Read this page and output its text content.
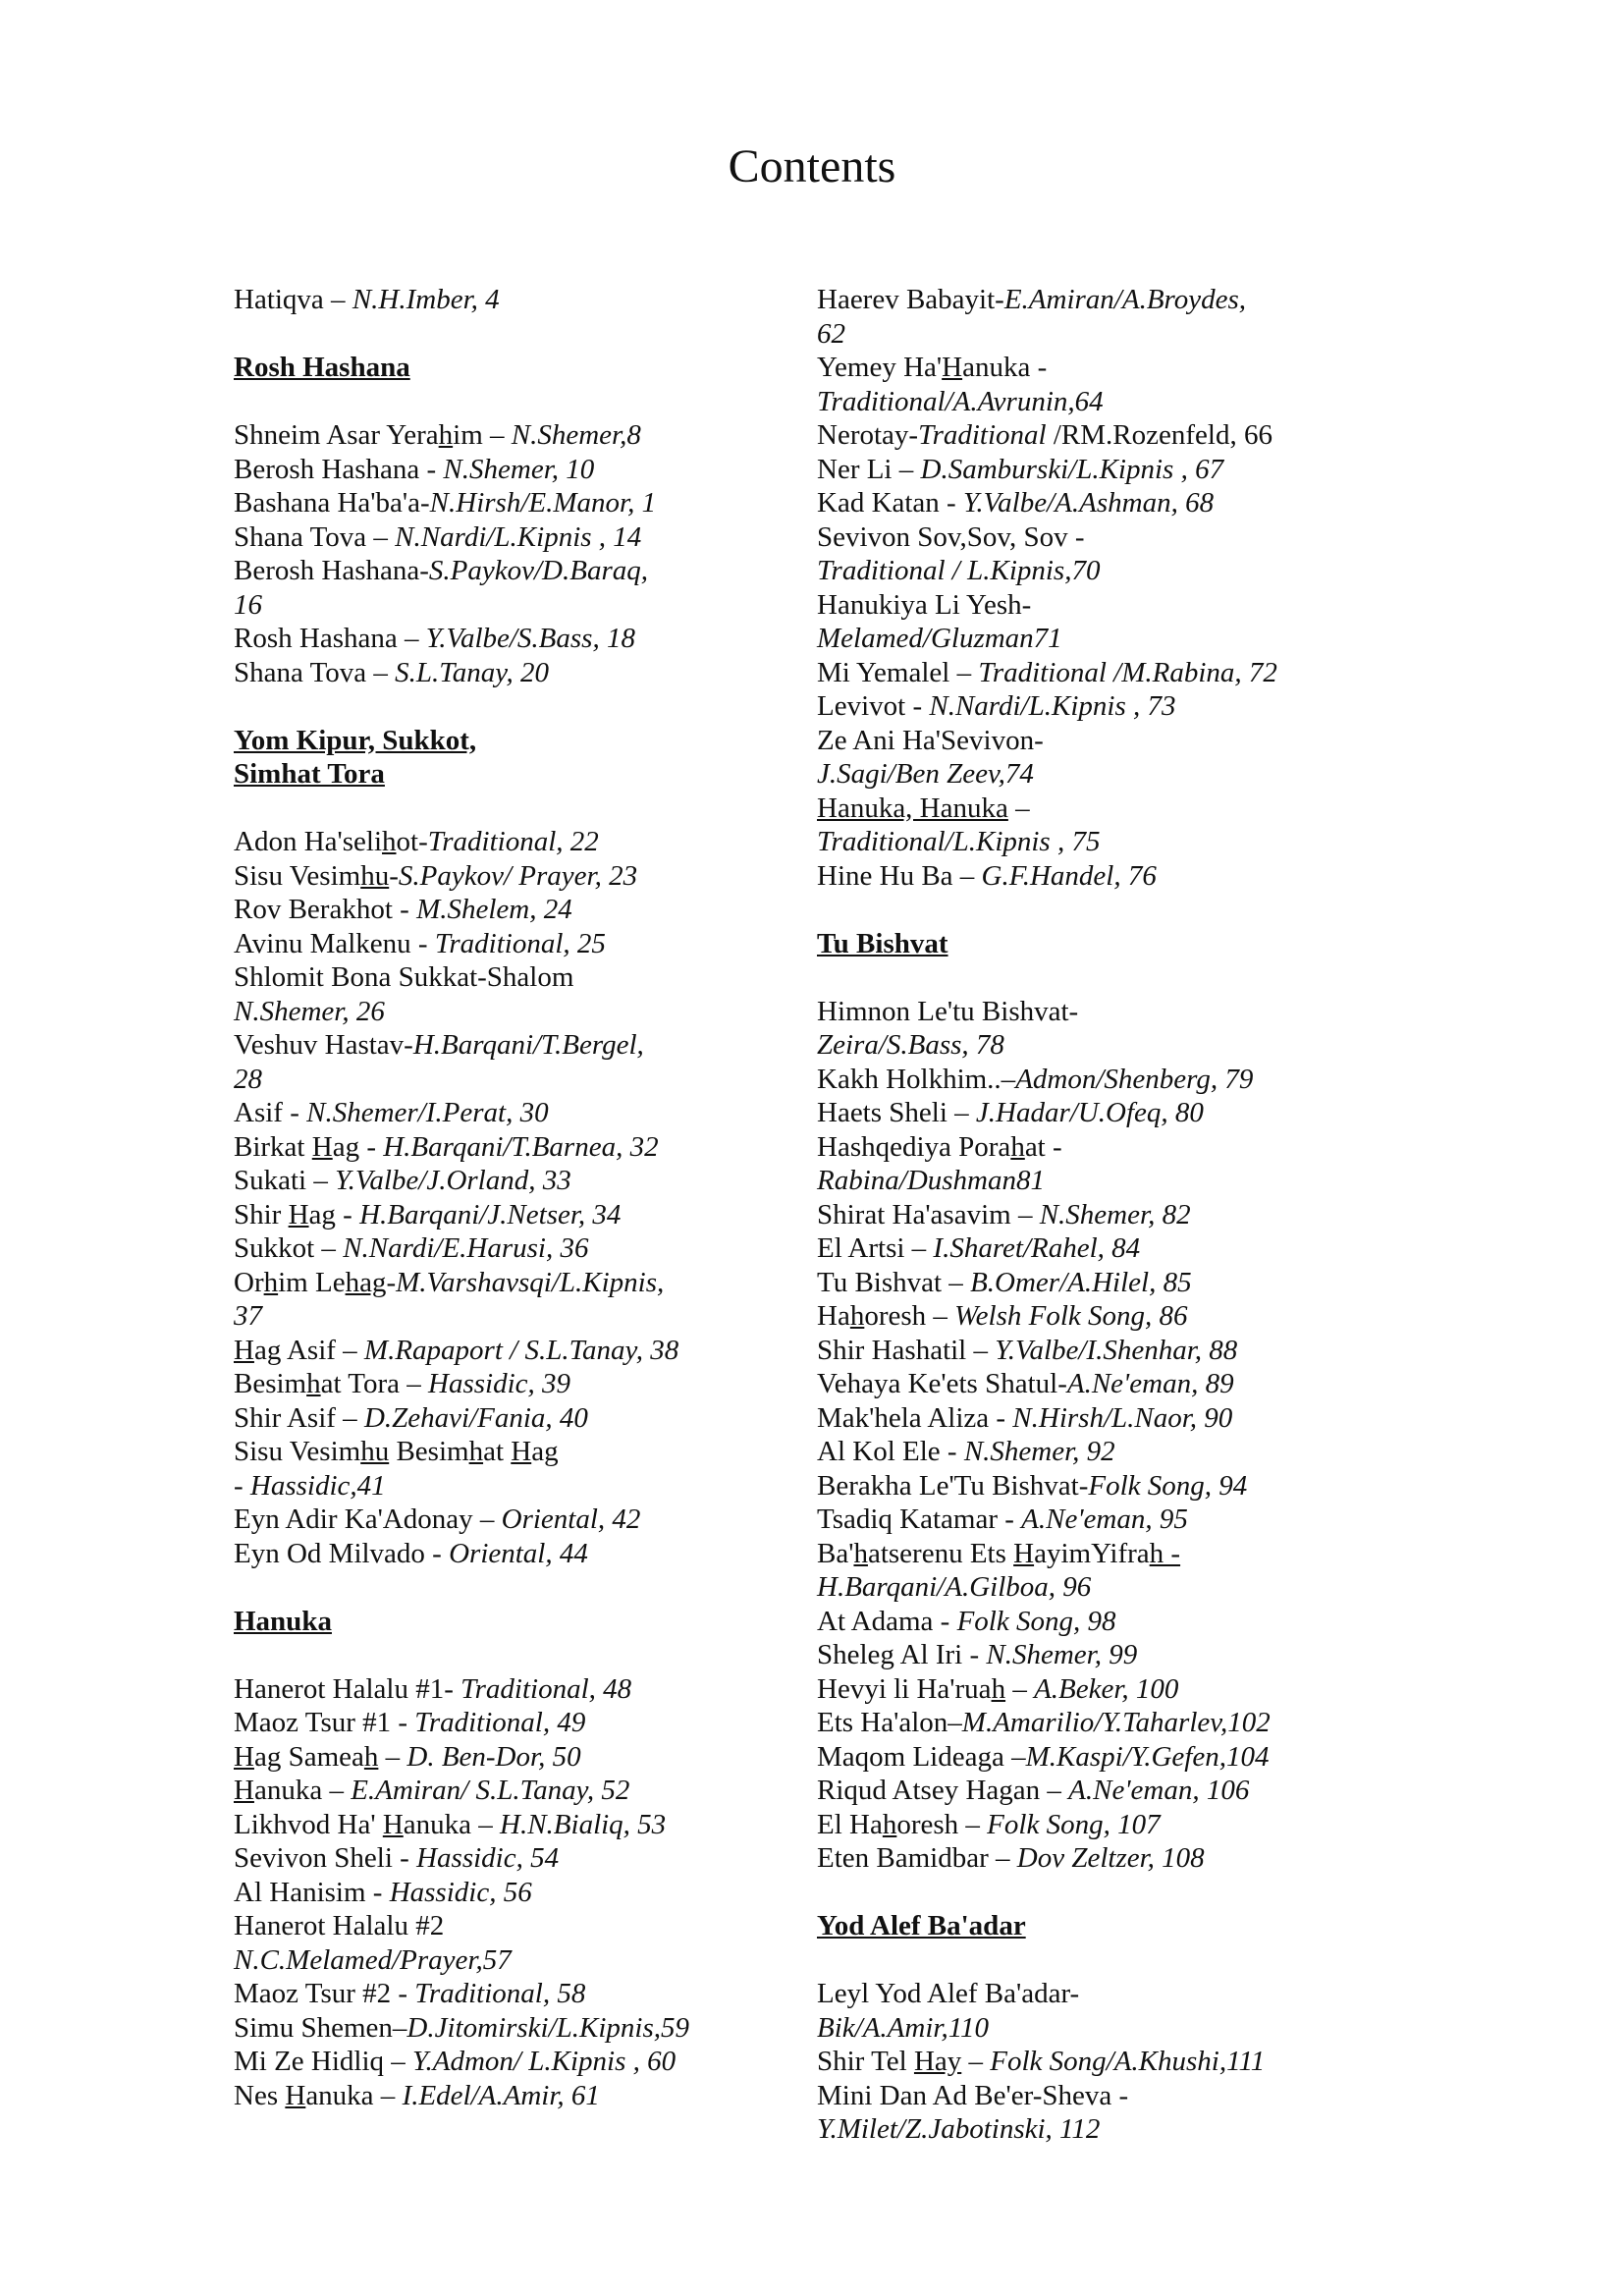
Contents
Hatiqva – N.H.Imber, 4
Rosh Hashana
Shneim Asar Yerahim – N.Shemer,8
Berosh Hashana - N.Shemer, 10
Bashana Ha'ba'a-N.Hirsh/E.Manor, 1
Shana Tova – N.Nardi/L.Kipnis , 14
Berosh Hashana-S.Paykov/D.Baraq,
16
Rosh Hashana – Y.Valbe/S.Bass, 18
Shana Tova – S.L.Tanay, 20
Yom Kipur, Sukkot,
Simhat Tora
Adon Ha'selihot-Traditional, 22
Sisu Vesimhu-S.Paykov/ Prayer, 23
Rov Berakhot - M.Shelem, 24
Avinu Malkenu - Traditional, 25
Shlomit Bona Sukkat-Shalom
N.Shemer, 26
Veshuv Hastav-H.Barqani/T.Bergel,
28
Asif - N.Shemer/I.Perat, 30
Birkat Hag - H.Barqani/T.Barnea, 32
Sukati – Y.Valbe/J.Orland, 33
Shir Hag - H.Barqani/J.Netser, 34
Sukkot – N.Nardi/E.Harusi, 36
Orhim Lehag-M.Varshavsqi/L.Kipnis,
37
Hag Asif – M.Rapaport / S.L.Tanay, 38
Besimhat Tora – Hassidic, 39
Shir Asif – D.Zehavi/Fania, 40
Sisu Vesimhu Besimhat Hag
- Hassidic,41
Eyn Adir Ka'Adonay – Oriental, 42
Eyn Od Milvado - Oriental, 44
Hanuka
Hanerot Halalu #1- Traditional, 48
Maoz Tsur #1 - Traditional, 49
Hag Sameah – D. Ben-Dor, 50
Hanuka – E.Amiran/ S.L.Tanay, 52
Likhvod Ha' Hanuka – H.N.Bialiq, 53
Sevivon Sheli - Hassidic, 54
Al Hanisim - Hassidic, 56
Hanerot Halalu #2
N.C.Melamed/Prayer,57
Maoz Tsur #2 - Traditional, 58
Simu Shemen–D.Jitomirski/L.Kipnis,59
Mi Ze Hidliq – Y.Admon/ L.Kipnis , 60
Nes Hanuka – I.Edel/A.Amir, 61
Haerev Babayit-E.Amiran/A.Broydes,
62
Yemey Ha'Hanuka -
Traditional/A.Avrunin,64
Nerotay-Traditional /RM.Rozenfeld, 66
Ner Li – D.Samburski/L.Kipnis , 67
Kad Katan - Y.Valbe/A.Ashman, 68
Sevivon Sov,Sov, Sov -
Traditional / L.Kipnis,70
Hanukiya Li Yesh-
Melamed/Gluzman71
Mi Yemalel – Traditional /M.Rabina, 72
Levivot - N.Nardi/L.Kipnis , 73
Ze Ani Ha'Sevivon-
J.Sagi/Ben Zeev,74
Hanuka, Hanuka –
Traditional/L.Kipnis , 75
Hine Hu Ba – G.F.Handel, 76
Tu Bishvat
Himnon Le'tu Bishvat-
Zeira/S.Bass, 78
Kakh Holkhim..–Admon/Shenberg, 79
Haets Sheli – J.Hadar/U.Ofeq, 80
Hashqediya Porahat -
Rabina/Dushman81
Shirat Ha'asavim – N.Shemer, 82
El Artsi – I.Sharet/Rahel, 84
Tu Bishvat – B.Omer/A.Hilel, 85
Hahoresh – Welsh Folk Song, 86
Shir Hashatil – Y.Valbe/I.Shenhar, 88
Vehaya Ke'ets Shatul-A.Ne'eman, 89
Mak'hela Aliza - N.Hirsh/L.Naor, 90
Al Kol Ele - N.Shemer, 92
Berakha Le'Tu Bishvat-Folk Song, 94
Tsadiq Katamar - A.Ne'eman, 95
Ba'hatserenu Ets HayimYifrah -
H.Barqani/A.Gilboa, 96
At Adama - Folk Song, 98
Sheleg Al Iri - N.Shemer, 99
Hevyi li Ha'ruah – A.Beker, 100
Ets Ha'alon–M.Amarilio/Y.Taharlev,102
Maqom Lideaga –M.Kaspi/Y.Gefen,104
Riqud Atsey Hagan – A.Ne'eman, 106
El Hahoresh – Folk Song, 107
Eten Bamidbar – Dov Zeltzer, 108
Yod Alef Ba'adar
Leyl Yod Alef Ba'adar-
Bik/A.Amir,110
Shir Tel Hay – Folk Song/A.Khushi,111
Mini Dan Ad Be'er-Sheva -
Y.Milet/Z.Jabotinski, 112
